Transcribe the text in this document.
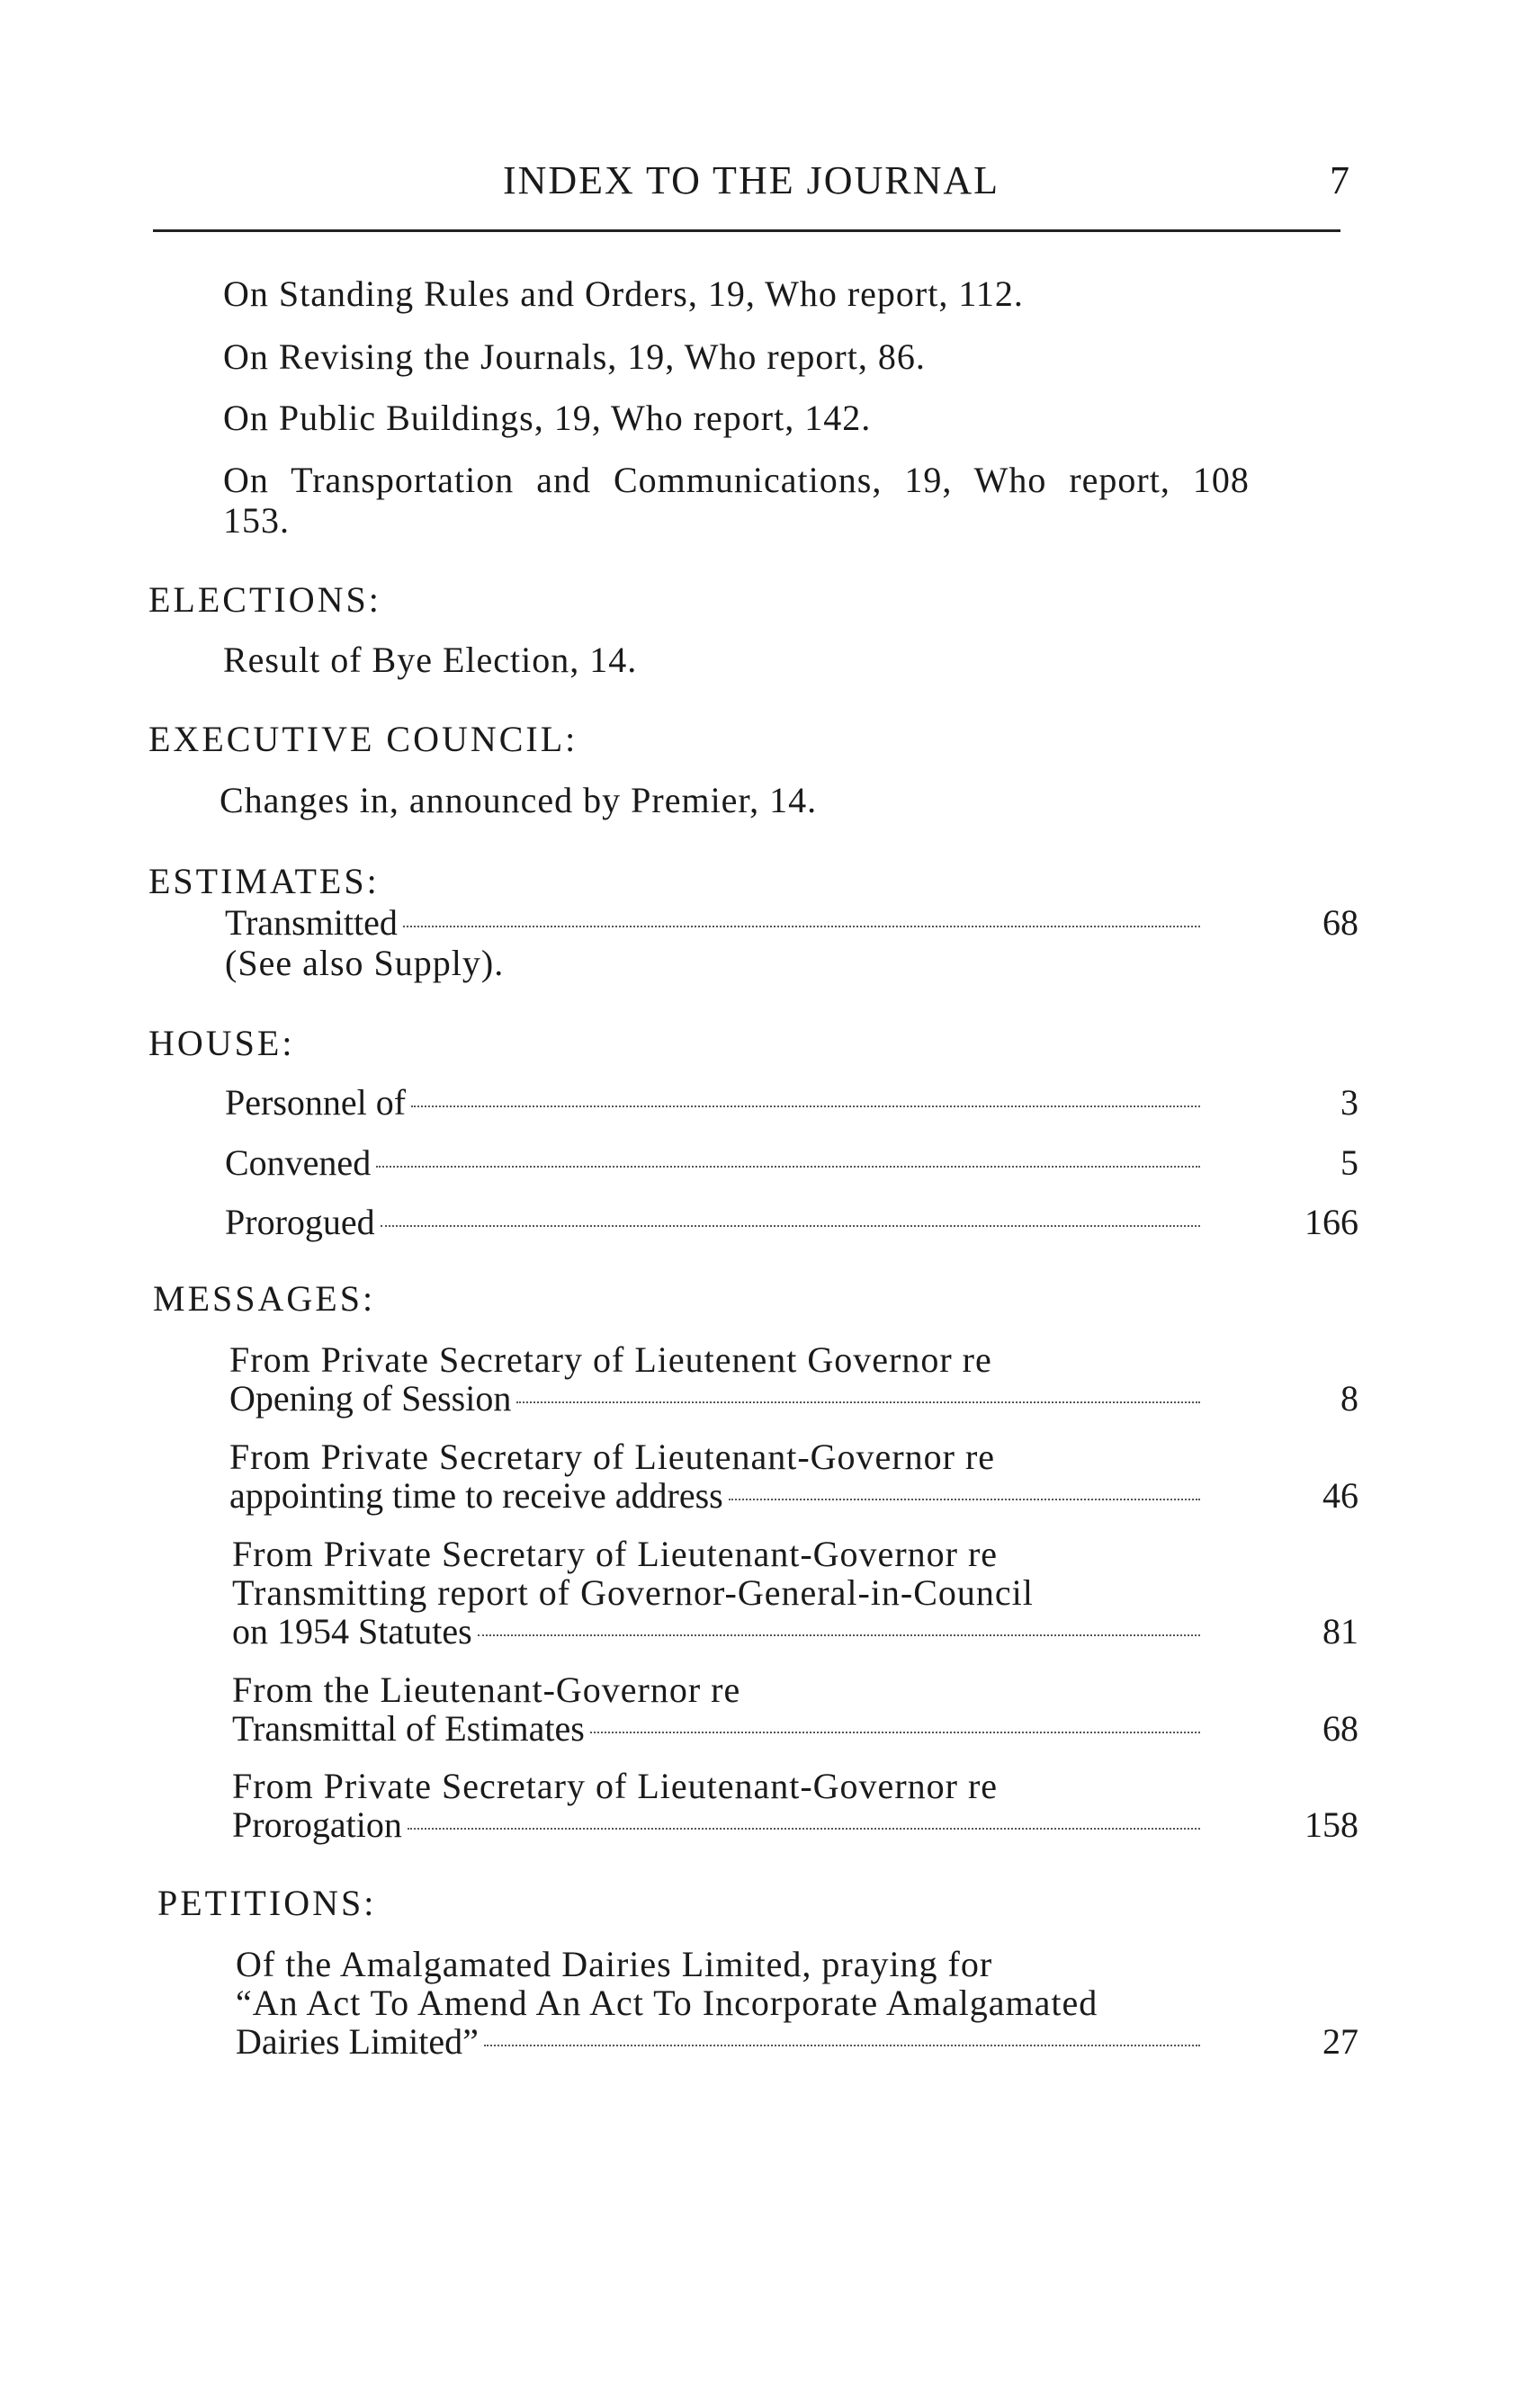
INDEX TO THE JOURNAL	7
On Standing Rules and Orders, 19, Who report, 112.
On Revising the Journals, 19, Who report, 86.
On Public Buildings, 19, Who report, 142.
On Transportation and Communications, 19, Who report, 108
153.
ELECTIONS:
Result of Bye Election, 14.
EXECUTIVE COUNCIL:
Changes in, announced by Premier, 14.
ESTIMATES:
Transmitted	68
(See also Supply).
HOUSE:
Personnel of	3
Convened	5
Prorogued	166
MESSAGES:
From Private Secretary of Lieutenent Governor re
Opening of Session	8
From Private Secretary of Lieutenant-Governor re
appointing time to receive address	46
From Private Secretary of Lieutenant-Governor re
Transmitting report of Governor-General-in-Council
on 1954 Statutes	81
From the Lieutenant-Governor re
Transmittal of Estimates	68
From Private Secretary of Lieutenant-Governor re
Prorogation	158
PETITIONS:
Of the Amalgamated Dairies Limited, praying for
“An Act To Amend An Act To Incorporate Amalgamated
Dairies Limited”	27
